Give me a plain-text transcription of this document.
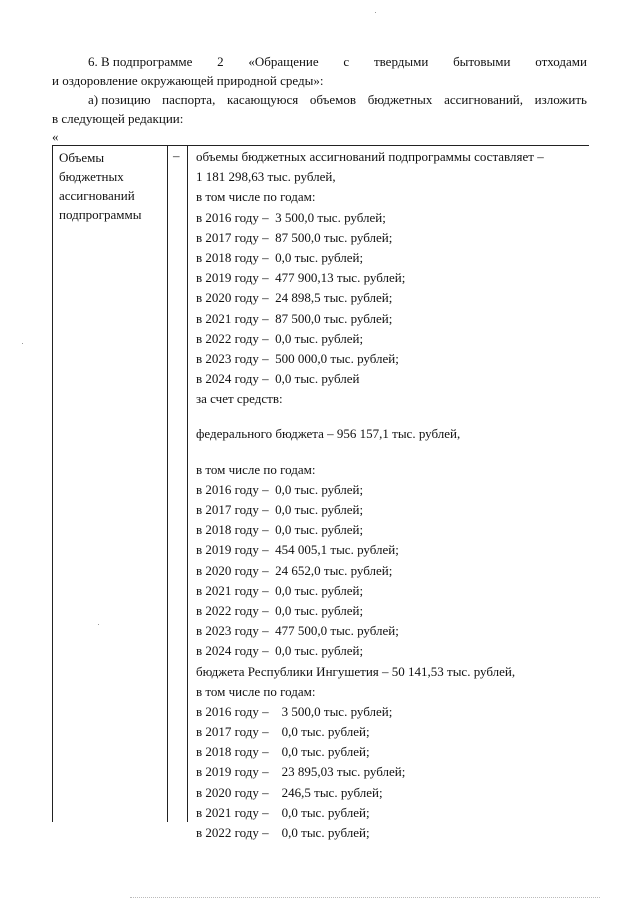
6. В подпрограмме 2 «Обращение с твердыми бытовыми отходами
и оздоровление окружающей природной среды»:
а) позицию паспорта, касающуюся объемов бюджетных ассигнований, изложить
в следующей редакции:
«
Объемы
бюджетных
ассигнований
подпрограммы
– объемы бюджетных ассигнований подпрограммы составляет –
1 181 298,63 тыс. рублей,
в том числе по годам:
в 2016 году –  3 500,0 тыс. рублей;
в 2017 году –  87 500,0 тыс. рублей;
в 2018 году –  0,0 тыс. рублей;
в 2019 году –  477 900,13 тыс. рублей;
в 2020 году –  24 898,5 тыс. рублей;
в 2021 году –  87 500,0 тыс. рублей;
в 2022 году –  0,0 тыс. рублей;
в 2023 году –  500 000,0 тыс. рублей;
в 2024 году –  0,0 тыс. рублей
за счет средств:
федерального бюджета – 956 157,1 тыс. рублей,
в том числе по годам:
в 2016 году –  0,0 тыс. рублей;
в 2017 году –  0,0 тыс. рублей;
в 2018 году –  0,0 тыс. рублей;
в 2019 году –  454 005,1 тыс. рублей;
в 2020 году –  24 652,0 тыс. рублей;
в 2021 году –  0,0 тыс. рублей;
в 2022 году –  0,0 тыс. рублей;
в 2023 году –  477 500,0 тыс. рублей;
в 2024 году –  0,0 тыс. рублей;
бюджета Республики Ингушетия – 50 141,53 тыс. рублей,
в том числе по годам:
в 2016 году –    3 500,0 тыс. рублей;
в 2017 году –    0,0 тыс. рублей;
в 2018 году –    0,0 тыс. рублей;
в 2019 году –    23 895,03 тыс. рублей;
в 2020 году –    246,5 тыс. рублей;
в 2021 году –    0,0 тыс. рублей;
в 2022 году –    0,0 тыс. рублей;
